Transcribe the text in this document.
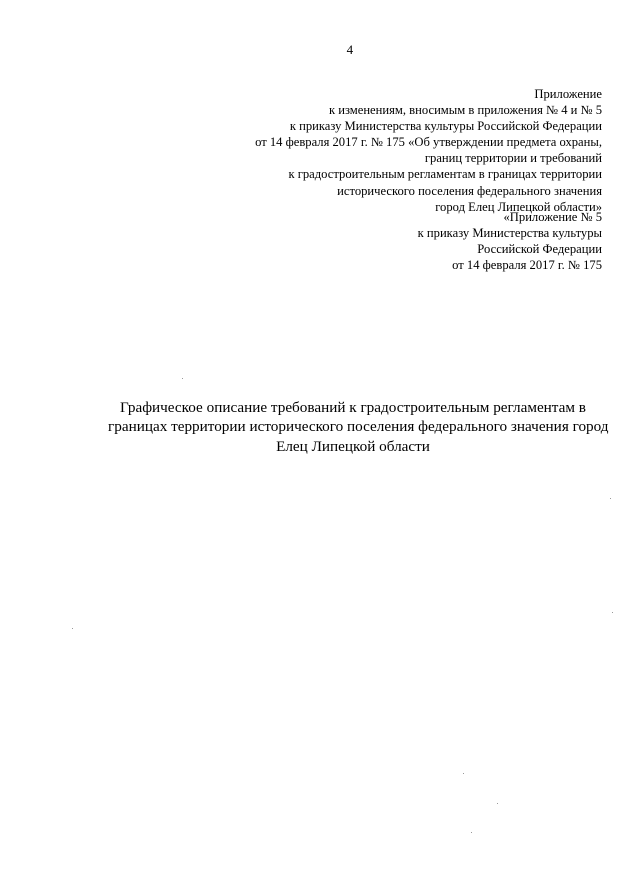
4
Приложение
к изменениям, вносимым в приложения № 4 и № 5
к приказу Министерства культуры Российской Федерации
от 14 февраля 2017 г. № 175 «Об утверждении предмета охраны,
границ территории и требований
к градостроительным регламентам в границах территории
исторического поселения федерального значения
город Елец Липецкой области»
«Приложение № 5
к приказу Министерства культуры
Российской Федерации
от 14 февраля 2017 г. № 175
Графическое описание требований к градостроительным регламентам в
границах территории исторического поселения федерального значения город
Елец Липецкой области
